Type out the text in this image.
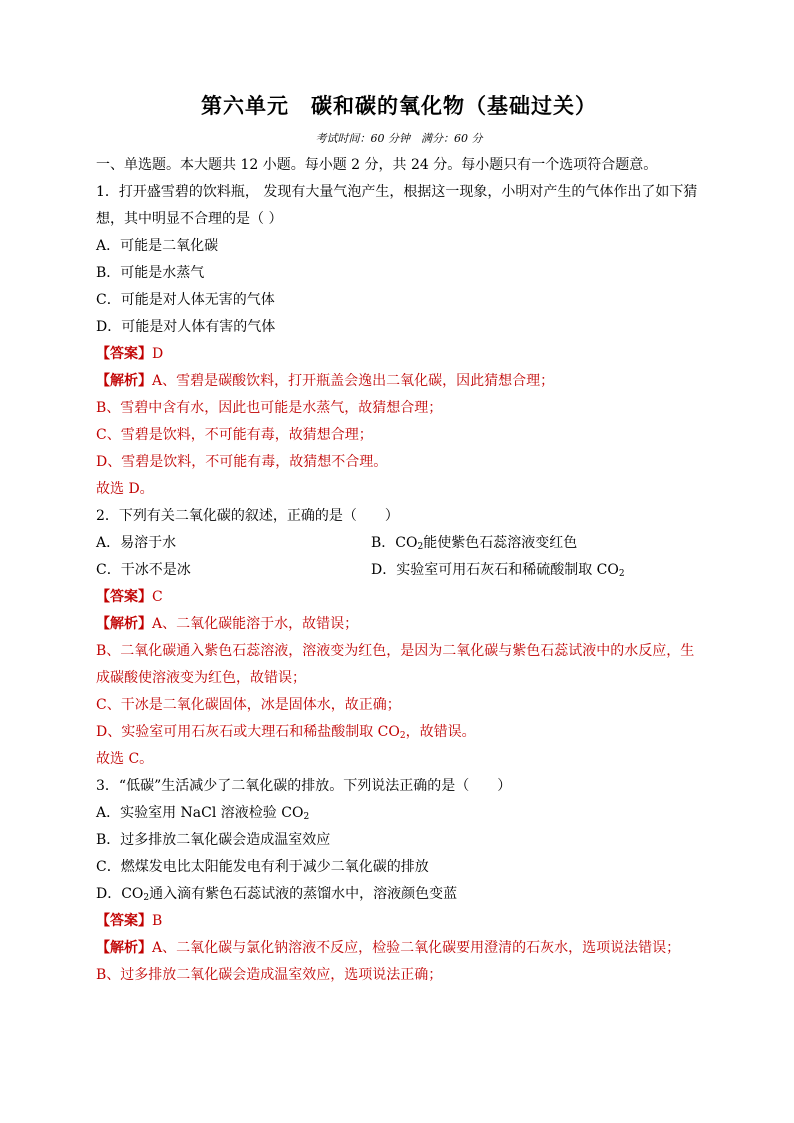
第六单元　碳和碳的氧化物（基础过关）
考试时间：60 分钟　满分：60 分
一、单选题。本大题共 12 小题。每小题 2 分，共 24 分。每小题只有一个选项符合题意。
1．打开盛雪碧的饮料瓶， 发现有大量气泡产生，根据这一现象，小明对产生的气体作出了如下猜想，其中明显不合理的是（ ）
A．可能是二氧化碳
B．可能是水蒸气
C．可能是对人体无害的气体
D．可能是对人体有害的气体
【答案】D
【解析】A、雪碧是碳酸饮料，打开瓶盖会逸出二氧化碳，因此猜想合理；
B、雪碧中含有水，因此也可能是水蒸气，故猜想合理；
C、雪碧是饮料，不可能有毒，故猜想合理；
D、雪碧是饮料，不可能有毒，故猜想不合理。
故选 D。
2．下列有关二氧化碳的叙述，正确的是（　　）
A．易溶于水	B．$CO_2$能使紫色石蕊溶液变红色
C．干冰不是冰	D．实验室可用石灰石和稀硫酸制取 $CO_2$
【答案】C
【解析】A、二氧化碳能溶于水，故错误；
B、二氧化碳通入紫色石蕊溶液，溶液变为红色，是因为二氧化碳与紫色石蕊试液中的水反应，生成碳酸使溶液变为红色，故错误；
C、干冰是二氧化碳固体，冰是固体水，故正确；
D、实验室可用石灰石或大理石和稀盐酸制取 $CO_2$，故错误。
故选 C。
3．“低碳”生活减少了二氧化碳的排放。下列说法正确的是（　　）
A．实验室用 NaCl 溶液检验 $CO_2$
B．过多排放二氧化碳会造成温室效应
C．燃煤发电比太阳能发电有利于减少二氧化碳的排放
D．$CO_2$通入滴有紫色石蕊试液的蒸馏水中，溶液颜色变蓝
【答案】B
【解析】A、二氧化碳与氯化钠溶液不反应，检验二氧化碳要用澄清的石灰水，选项说法错误；
B、过多排放二氧化碳会造成温室效应，选项说法正确；
